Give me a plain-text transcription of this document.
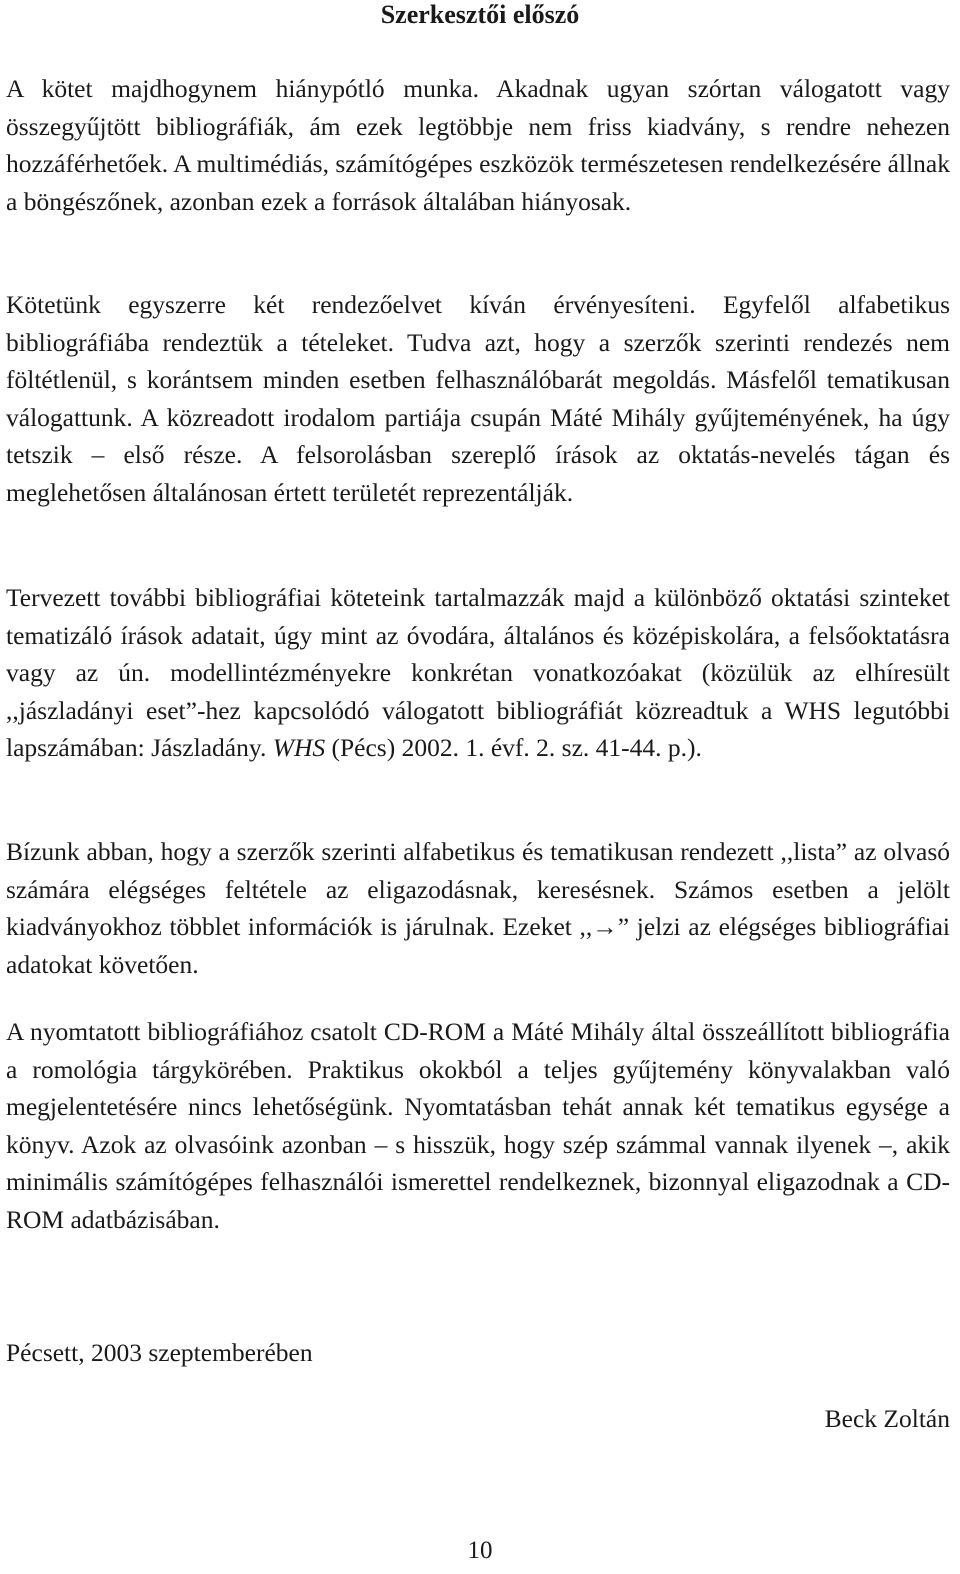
Szerkesztői előszó

A kötet majdhogynem hiánypótló munka. Akadnak ugyan szórtan válogatott vagy összegyűjtött bibliográfiák, ám ezek legtöbbje nem friss kiadvány, s rendre nehezen hozzáférhetőek. A multimédiás, számítógépes eszközök természetesen rendelkezésére állnak a böngészőnek, azonban ezek a források általában hiányosak.

Kötetünk egyszerre két rendezőelvet kíván érvényesíteni. Egyfelől alfabetikus bibliográfiába rendeztük a tételeket. Tudva azt, hogy a szerzők szerinti rendezés nem föltétlenül, s korántsem minden esetben felhasználóbarát megoldás. Másfelől tematikusan válogattunk. A közreadott irodalom partiája csupán Máté Mihály gyűjteményének, ha úgy tetszik – első része. A felsorolásban szereplő írások az oktatás-nevelés tágan és meglehetősen általánosan értett területét reprezentálják.

Tervezett további bibliográfiai köteteink tartalmazzák majd a különböző oktatási szinteket tematizáló írások adatait, úgy mint az óvodára, általános és középiskolára, a felsőoktatásra vagy az ún. modellintézményekre konkrétan vonatkozóakat (közülük az elhíresült ,,jászladányi eset”-hez kapcsolódó válogatott bibliográfiát közreadtuk a WHS legutóbbi lapszámában: Jászladány. WHS (Pécs) 2002. 1. évf. 2. sz. 41-44. p.).

Bízunk abban, hogy a szerzők szerinti alfabetikus és tematikusan rendezett ,,lista” az olvasó számára elégséges feltétele az eligazodásnak, keresésnek. Számos esetben a jelölt kiadványokhoz többlet információk is járulnak. Ezeket ,,→” jelzi az elégséges bibliográfiai adatokat követően.

A nyomtatott bibliográfiához csatolt CD-ROM a Máté Mihály által összeállított bibliográfia a romológia tárgykörében. Praktikus okokból a teljes gyűjtemény könyvalakban való megjelentetésére nincs lehetőségünk. Nyomtatásban tehát annak két tematikus egysége a könyv. Azok az olvasóink azonban – s hisszük, hogy szép számmal vannak ilyenek –, akik minimális számítógépes felhasználói ismerettel rendelkeznek, bizonnyal eligazodnak a CD-ROM adatbázisában.

Pécsett, 2003 szeptemberében
Beck Zoltán
10
